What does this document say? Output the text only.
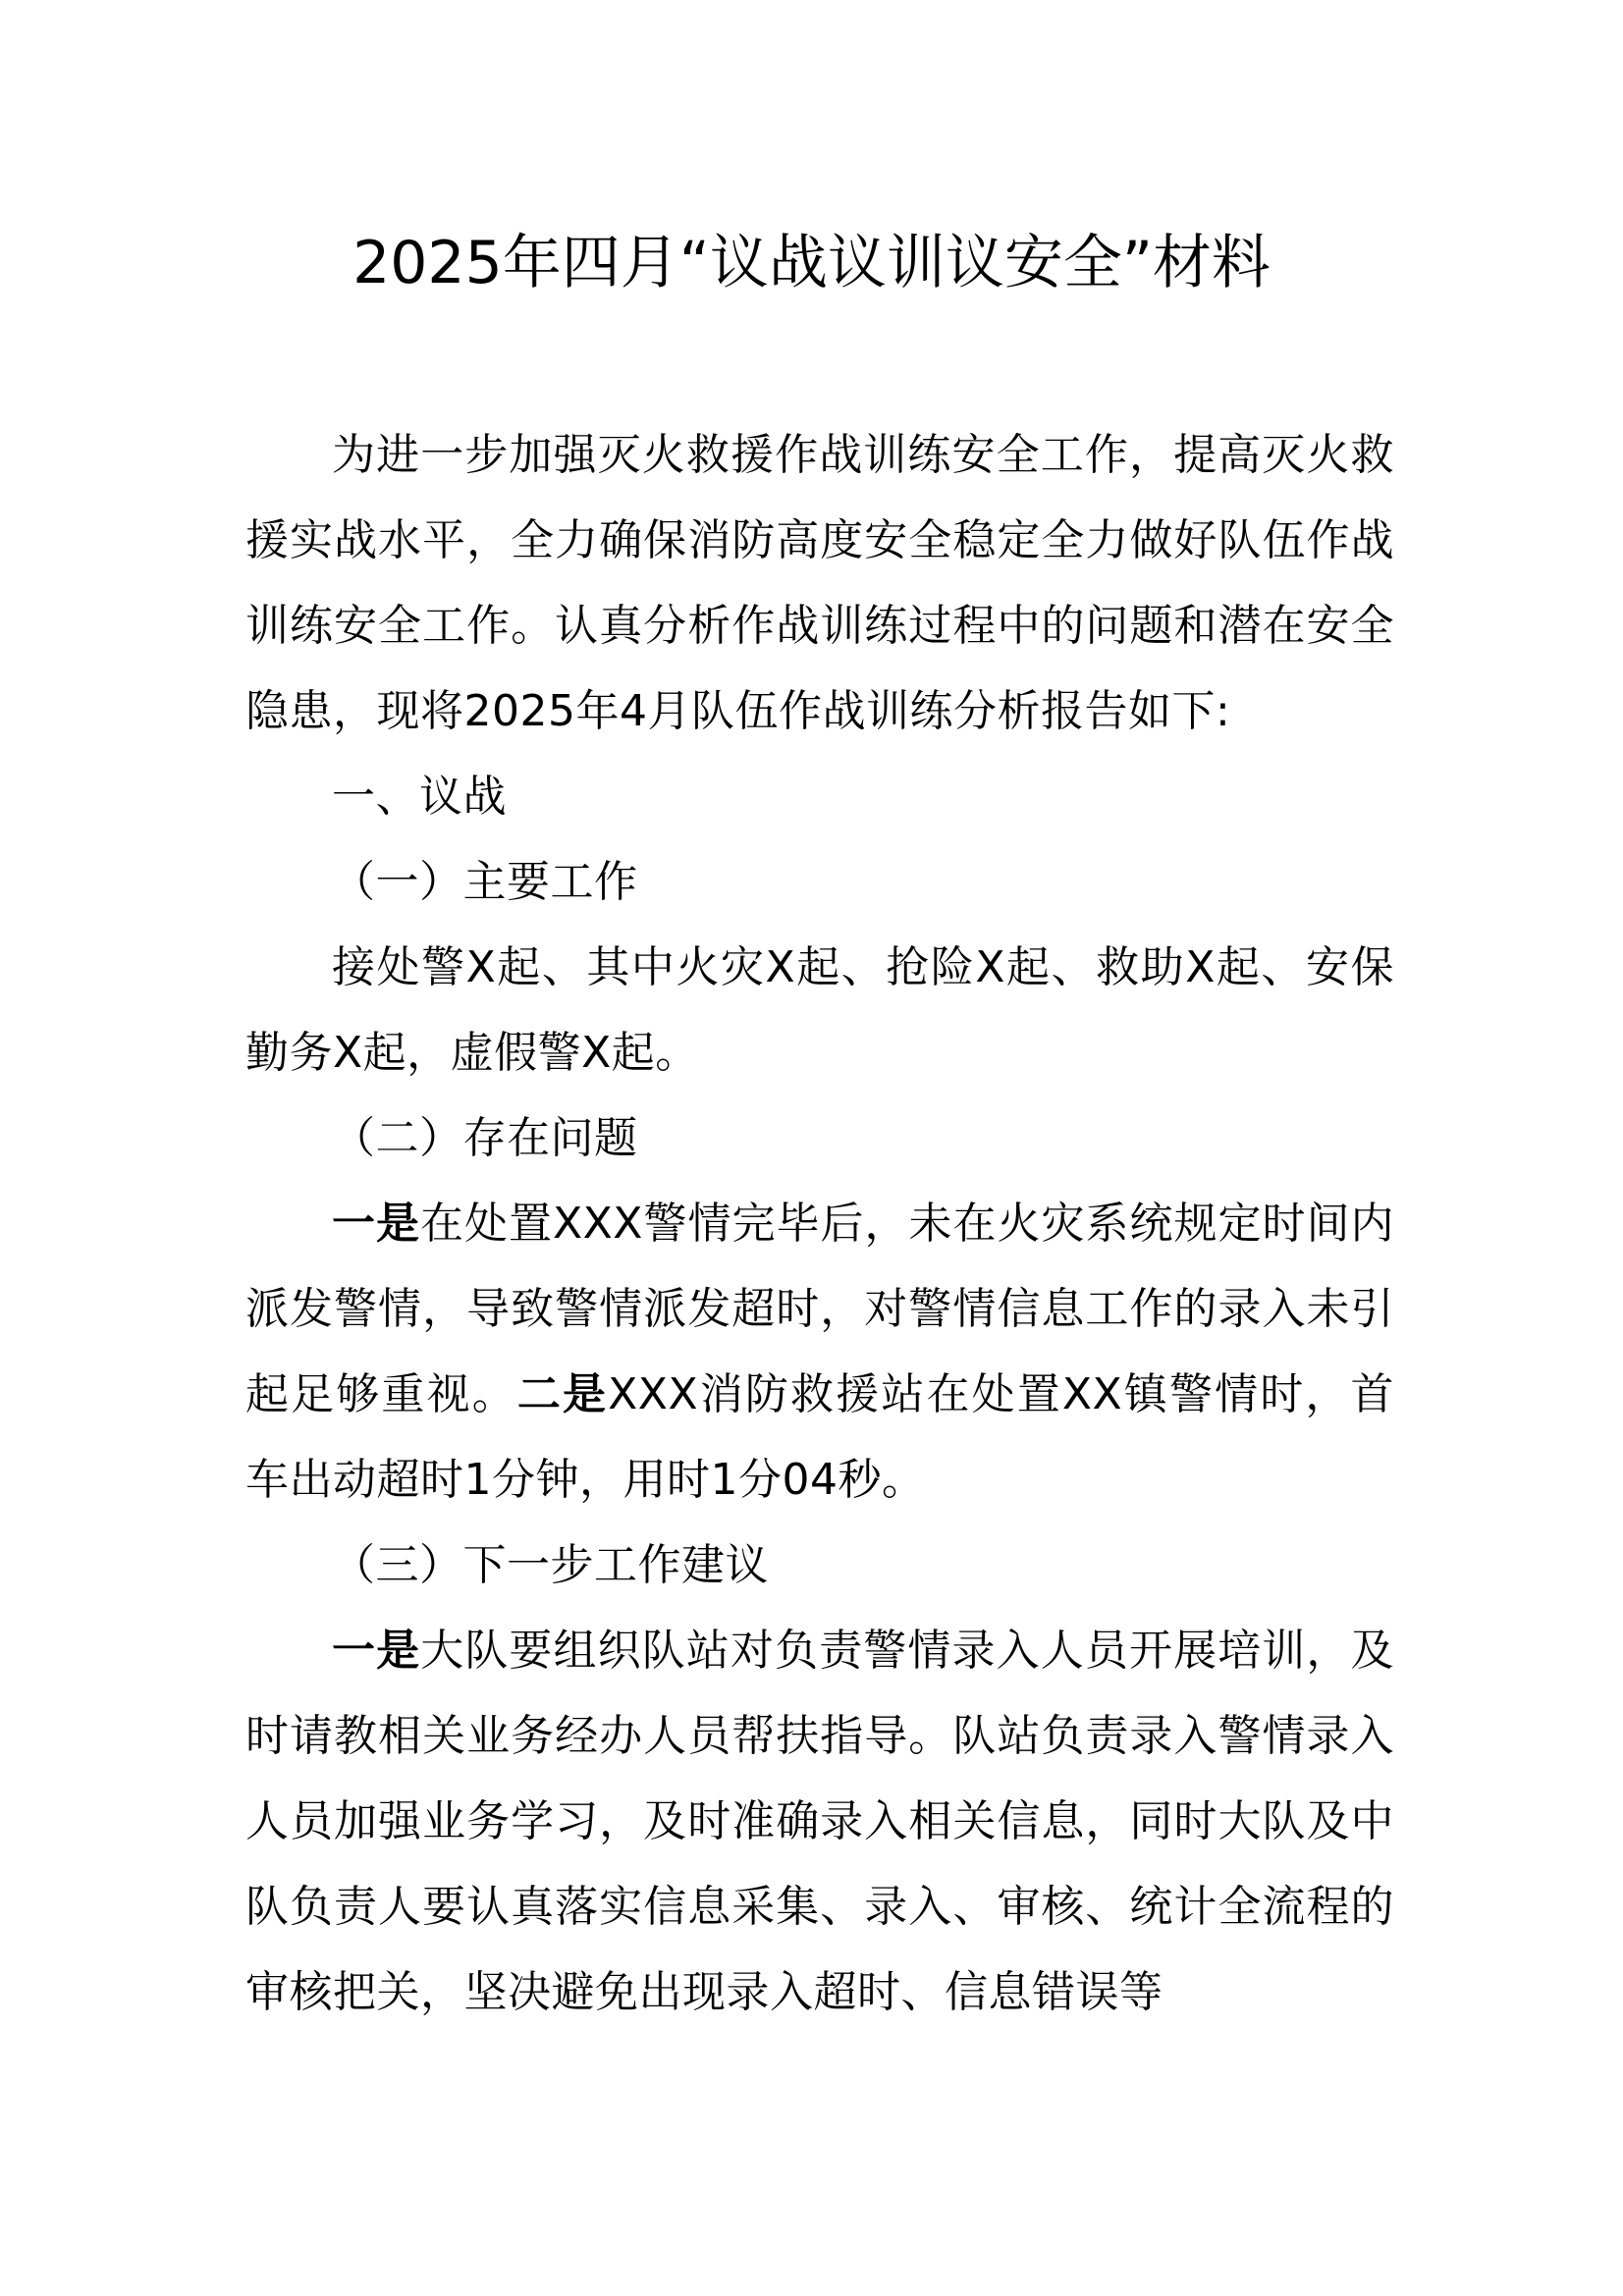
2025年四月“议战议训议安全”材料

为进一步加强灭火救援作战训练安全工作，提高灭火救援实战水平，全力确保消防高度安全稳定全力做好队伍作战训练安全工作。认真分析作战训练过程中的问题和潜在安全隐患，现将2025年4月队伍作战训练分析报告如下:

一、议战

（一）主要工作

接处警X起、其中火灾X起、抢险X起、救助X起、安保勤务X起，虚假警X起。

（二）存在问题

一是在处置XXX警情完毕后，未在火灾系统规定时间内派发警情，导致警情派发超时，对警情信息工作的录入未引起足够重视。二是XXX消防救援站在处置XX镇警情时，首车出动超时1分钟，用时1分04秒。

（三）下一步工作建议

一是大队要组织队站对负责警情录入人员开展培训，及时请教相关业务经办人员帮扶指导。队站负责录入警情录入人员加强业务学习，及时准确录入相关信息，同时大队及中队负责人要认真落实信息采集、录入、审核、统计全流程的审核把关，坚决避免出现录入超时、信息错误等
